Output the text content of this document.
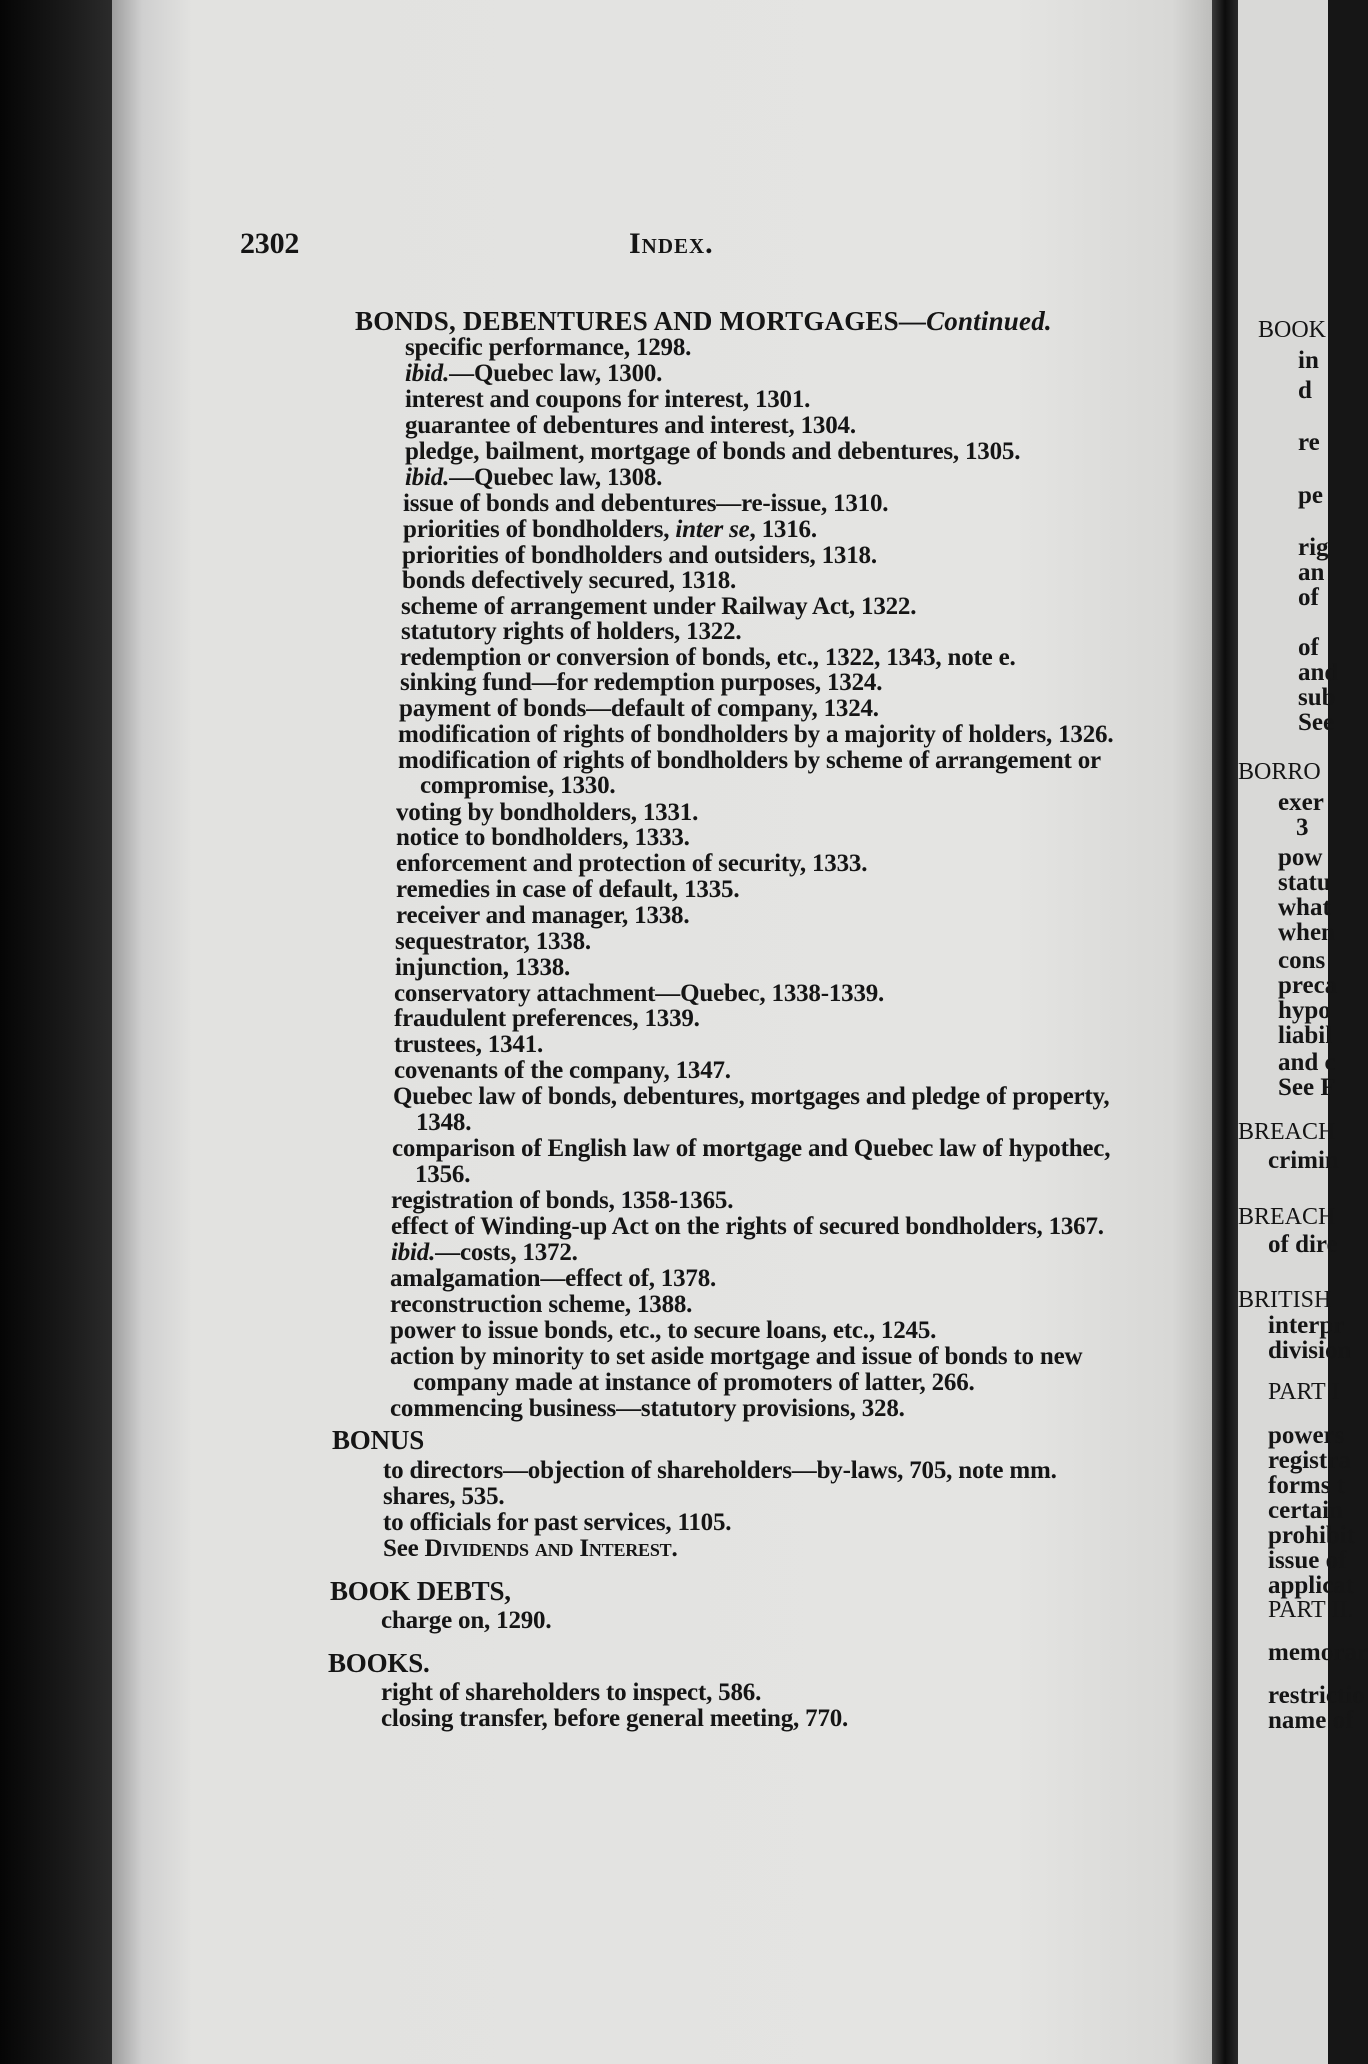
BOOK
in
d
re
pe
rig
an
of
of
and
sub
See
BORRO
exer
3
pow
statu
what
when
cons
preca
hypo
liabil
and c
See F
BREACH
crimin
BREACH
of dire
BRITISH
interpr
division
PART I
powers
registra
forms t
certain
prohibit
issue of
applicat
PART II.
memorar
restrictio
name of
2302	Index.
BONDS, DEBENTURES AND MORTGAGES—Continued.
specific performance, 1298.
ibid.—Quebec law, 1300.
interest and coupons for interest, 1301.
guarantee of debentures and interest, 1304.
pledge, bailment, mortgage of bonds and debentures, 1305.
ibid.—Quebec law, 1308.
issue of bonds and debentures—re-issue, 1310.
priorities of bondholders, inter se, 1316.
priorities of bondholders and outsiders, 1318.
bonds defectively secured, 1318.
scheme of arrangement under Railway Act, 1322.
statutory rights of holders, 1322.
redemption or conversion of bonds, etc., 1322, 1343, note e.
sinking fund—for redemption purposes, 1324.
payment of bonds—default of company, 1324.
modification of rights of bondholders by a majority of holders, 1326.
modification of rights of bondholders by scheme of arrangement or
compromise, 1330.
voting by bondholders, 1331.
notice to bondholders, 1333.
enforcement and protection of security, 1333.
remedies in case of default, 1335.
receiver and manager, 1338.
sequestrator, 1338.
injunction, 1338.
conservatory attachment—Quebec, 1338-1339.
fraudulent preferences, 1339.
trustees, 1341.
covenants of the company, 1347.
Quebec law of bonds, debentures, mortgages and pledge of property,
1348.
comparison of English law of mortgage and Quebec law of hypothec,
1356.
registration of bonds, 1358-1365.
effect of Winding-up Act on the rights of secured bondholders, 1367.
ibid.—costs, 1372.
amalgamation—effect of, 1378.
reconstruction scheme, 1388.
power to issue bonds, etc., to secure loans, etc., 1245.
action by minority to set aside mortgage and issue of bonds to new
company made at instance of promoters of latter, 266.
commencing business—statutory provisions, 328.
BONUS
to directors—objection of shareholders—by-laws, 705, note mm.
shares, 535.
to officials for past services, 1105.
See Dividends and Interest.
BOOK DEBTS,
charge on, 1290.
BOOKS.
right of shareholders to inspect, 586.
closing transfer, before general meeting, 770.
